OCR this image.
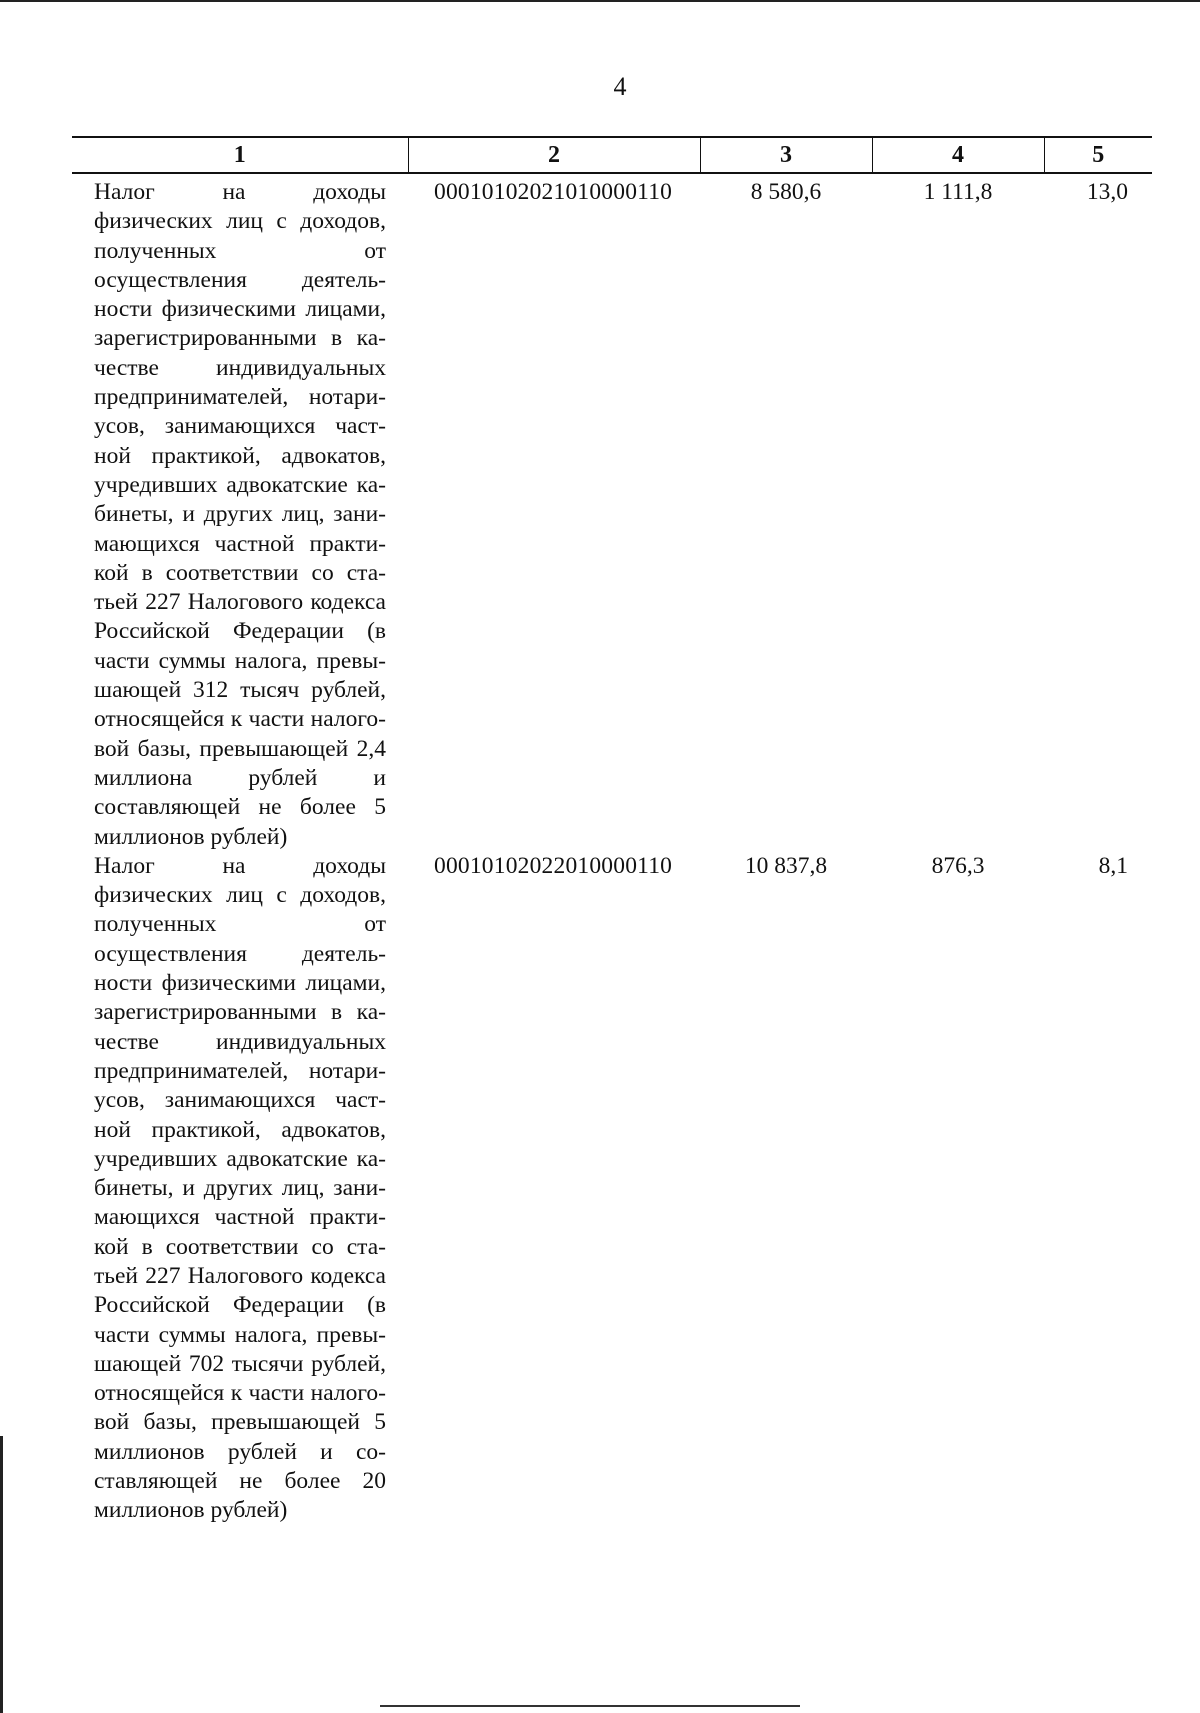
4
1	2	3	4	5
Налог на доходы физических лиц с доходов, полученных от осуществления деятельности физическими лицами, зарегистрированными в качестве индивидуальных предпринимателей, нотариусов, занимающихся частной практикой, адвокатов, учредивших адвокатские кабинеты, и других лиц, занимающихся частной практикой в соответствии со статьей 227 Налогового кодекса Российской Федерации (в части суммы налога, превышающей 312 тысяч рублей, относящейся к части налоговой базы, превышающей 2,4 миллиона рублей и составляющей не более 5 миллионов рублей)	00010102021010000110	8 580,6	1 111,8	13,0
Налог на доходы физических лиц с доходов, полученных от осуществления деятельности физическими лицами, зарегистрированными в качестве индивидуальных предпринимателей, нотариусов, занимающихся частной практикой, адвокатов, учредивших адвокатские кабинеты, и других лиц, занимающихся частной практикой в соответствии со статьей 227 Налогового кодекса Российской Федерации (в части суммы налога, превышающей 702 тысячи рублей, относящейся к части налоговой базы, превышающей 5 миллионов рублей и составляющей не более 20 миллионов рублей)	00010102022010000110	10 837,8	876,3	8,1
